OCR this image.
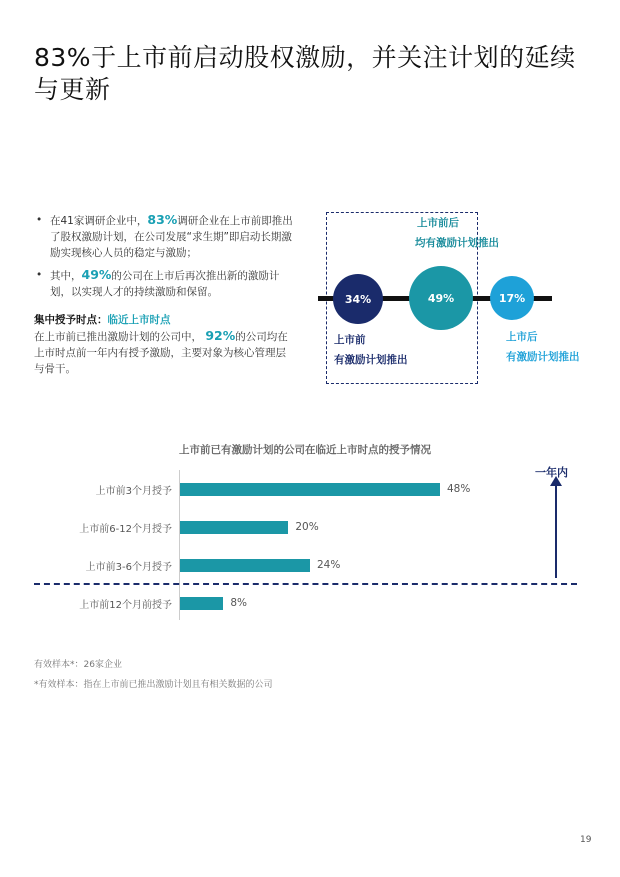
83%于上市前启动股权激励，并关注计划的延续
与更新
• 在41家调研企业中，83%调研企业在上市前即推出了股权激励计划，在公司发展“求生期”即启动长期激励实现核心人员的稳定与激励；
• 其中，49%的公司在上市后再次推出新的激励计划，以实现人才的持续激励和保留。
集中授予时点：临近上市时点
在上市前已推出激励计划的公司中， 92%的公司均在上市时点前一年内有授予激励，主要对象为核心管理层与骨干。
34%	49%	17%
上市前后
均有激励计划推出
上市前
有激励计划推出
上市后
有激励计划推出
上市前已有激励计划的公司在临近上市时点的授予情况
一年内
上市前3个月授予	48%
上市前6-12个月授予	20%
上市前3-6个月授予	24%
上市前12个月前授予	8%
有效样本*：26家企业
*有效样本：指在上市前已推出激励计划且有相关数据的公司
19
